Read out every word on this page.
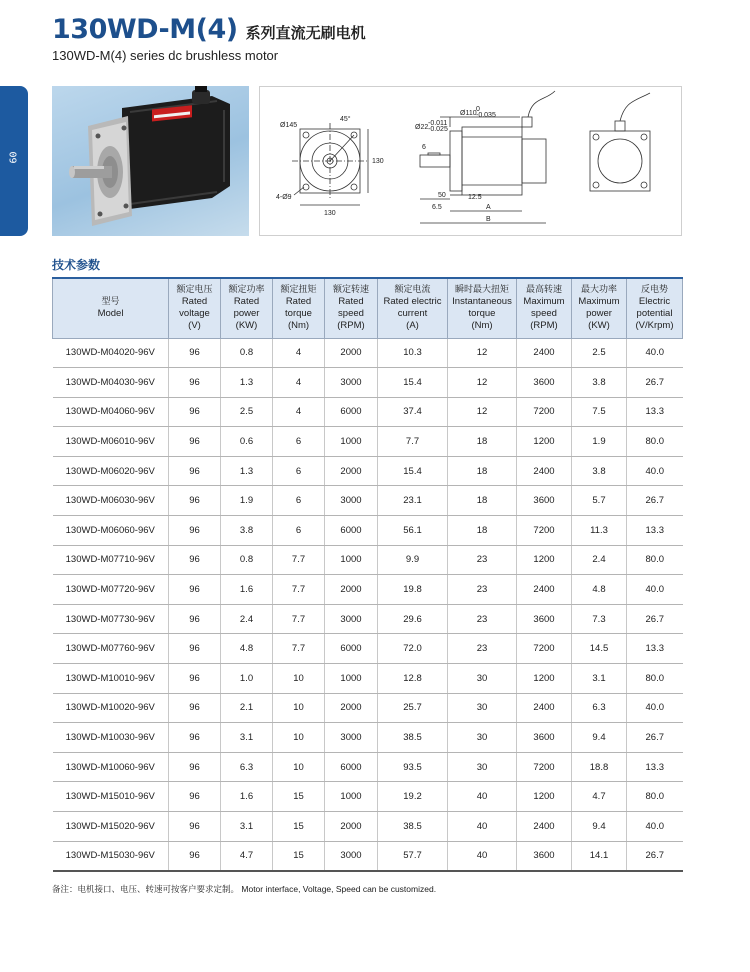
130WD-M(4) 系列直流无刷电机
130WD-M(4) series dc brushless motor
09
Ø145
45°
130
4-Ø9
130
Ø22
-0.011
-0.025
Ø110
0
-0.035
6
50	12.5
6.5	A
B
技术参数
型号
Model	额定电压
Rated
voltage
(V)	额定功率
Rated
power
(KW)	额定扭矩
Rated
torque
(Nm)	额定转速
Rated
speed
(RPM)	额定电流
Rated electric
current
(A)	瞬时最大扭矩
Instantaneous
torque
(Nm)	最高转速
Maximum
speed
(RPM)	最大功率
Maximum
power
(KW)	反电势
Electric
potential
(V/Krpm)

130WD-M04020-96V	96	0.8	4	2000	10.3	12	2400	2.5	40.0
130WD-M04030-96V	96	1.3	4	3000	15.4	12	3600	3.8	26.7
130WD-M04060-96V	96	2.5	4	6000	37.4	12	7200	7.5	13.3
130WD-M06010-96V	96	0.6	6	1000	7.7	18	1200	1.9	80.0
130WD-M06020-96V	96	1.3	6	2000	15.4	18	2400	3.8	40.0
130WD-M06030-96V	96	1.9	6	3000	23.1	18	3600	5.7	26.7
130WD-M06060-96V	96	3.8	6	6000	56.1	18	7200	11.3	13.3
130WD-M07710-96V	96	0.8	7.7	1000	9.9	23	1200	2.4	80.0
130WD-M07720-96V	96	1.6	7.7	2000	19.8	23	2400	4.8	40.0
130WD-M07730-96V	96	2.4	7.7	3000	29.6	23	3600	7.3	26.7
130WD-M07760-96V	96	4.8	7.7	6000	72.0	23	7200	14.5	13.3
130WD-M10010-96V	96	1.0	10	1000	12.8	30	1200	3.1	80.0
130WD-M10020-96V	96	2.1	10	2000	25.7	30	2400	6.3	40.0
130WD-M10030-96V	96	3.1	10	3000	38.5	30	3600	9.4	26.7
130WD-M10060-96V	96	6.3	10	6000	93.5	30	7200	18.8	13.3
130WD-M15010-96V	96	1.6	15	1000	19.2	40	1200	4.7	80.0
130WD-M15020-96V	96	3.1	15	2000	38.5	40	2400	9.4	40.0
130WD-M15030-96V	96	4.7	15	3000	57.7	40	3600	14.1	26.7
备注：电机接口、电压、转速可按客户要求定制。 Motor interface, Voltage, Speed can be customized.
